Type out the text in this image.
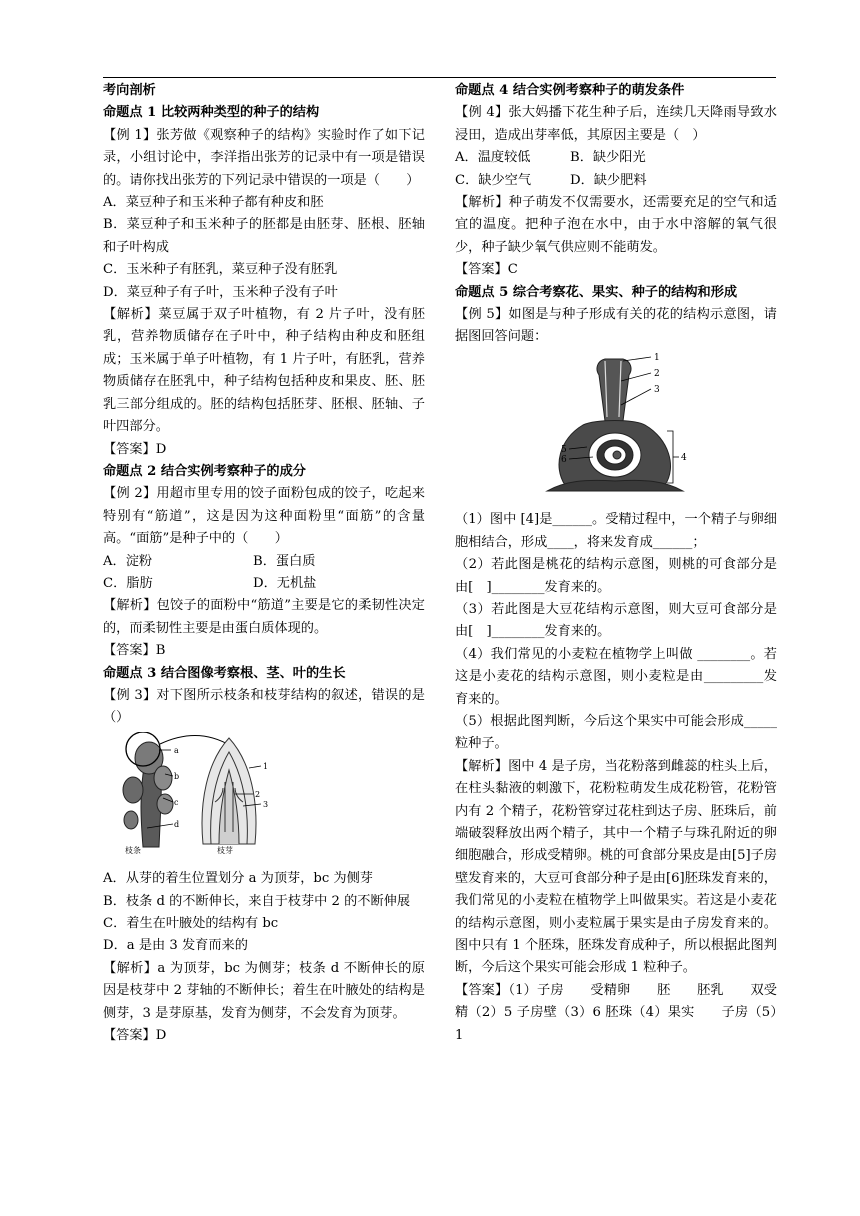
考向剖析

命题点 1 比较两种类型的种子的结构

【例 1】张芳做《观察种子的结构》实验时作了如下记录，小组讨论中，李洋指出张芳的记录中有一项是错误的。请你找出张芳的下列记录中错误的一项是（　　）

A．菜豆种子和玉米种子都有种皮和胚

B．菜豆种子和玉米种子的胚都是由胚芽、胚根、胚轴和子叶构成

C．玉米种子有胚乳，菜豆种子没有胚乳

D．菜豆种子有子叶，玉米种子没有子叶

【解析】菜豆属于双子叶植物，有 2 片子叶，没有胚乳，营养物质储存在子叶中，种子结构由种皮和胚组成；玉米属于单子叶植物，有 1 片子叶，有胚乳，营养物质储存在胚乳中，种子结构包括种皮和果皮、胚、胚乳三部分组成的。胚的结构包括胚芽、胚根、胚轴、子叶四部分。

【答案】D

命题点 2 结合实例考察种子的成分

【例 2】用超市里专用的饺子面粉包成的饺子，吃起来特别有“筋道”，这是因为这种面粉里“面筋”的含量高。“面筋”是种子中的（　　）

A．淀粉	B．蛋白质
C．脂肪	D．无机盐

【解析】包饺子的面粉中“筋道”主要是它的柔韧性决定的，而柔韧性主要是由蛋白质体现的。

【答案】B

命题点 3 结合图像考察根、茎、叶的生长

【例 3】对下图所示枝条和枝芽结构的叙述，错误的是（）

a
b
c
d
枝条
1
2
3
枝芽

A．从芽的着生位置划分 a 为顶芽，bc 为侧芽

B．枝条 d 的不断伸长，来自于枝芽中 2 的不断伸展

C．着生在叶腋处的结构有 bc

D．a 是由 3 发育而来的

【解析】a 为顶芽，bc 为侧芽；枝条 d 不断伸长的原因是枝芽中 2 芽轴的不断伸长；着生在叶腋处的结构是侧芽，3 是芽原基，发育为侧芽，不会发育为顶芽。

【答案】D

命题点 4 结合实例考察种子的萌发条件

【例 4】张大妈播下花生种子后，连续几天降雨导致水浸田，造成出芽率低，其原因主要是（　）

A．温度较低	B．缺少阳光
C．缺少空气	D．缺少肥料

【解析】种子萌发不仅需要水，还需要充足的空气和适宜的温度。把种子泡在水中，由于水中溶解的氧气很少，种子缺少氧气供应则不能萌发。

【答案】C

命题点 5 综合考察花、果实、种子的结构和形成

【例 5】如图是与种子形成有关的花的结构示意图，请据图回答问题：

1
2
3
4
5
6

（1）图中 [4]是______。受精过程中，一个精子与卵细胞相结合，形成____，将来发育成______；

（2）若此图是桃花的结构示意图，则桃的可食部分是由[　]________发育来的。

（3）若此图是大豆花结构示意图，则大豆可食部分是由[　]________发育来的。

（4）我们常见的小麦粒在植物学上叫做 ________。若这是小麦花的结构示意图，则小麦粒是由_________发育来的。

（5）根据此图判断，今后这个果实中可能会形成_____粒种子。

【解析】图中 4 是子房，当花粉落到雌蕊的柱头上后，在柱头黏液的刺激下，花粉粒萌发生成花粉管，花粉管内有 2 个精子，花粉管穿过花柱到达子房、胚珠后，前端破裂释放出两个精子，其中一个精子与珠孔附近的卵细胞融合，形成受精卵。桃的可食部分果皮是由[5]子房壁发育来的，大豆可食部分种子是由[6]胚珠发育来的，我们常见的小麦粒在植物学上叫做果实。若这是小麦花的结构示意图，则小麦粒属于果实是由子房发育来的。图中只有 1 个胚珠，胚珠发育成种子，所以根据此图判断，今后这个果实可能会形成 1 粒种子。

【答案】（1）子房　　受精卵　　胚　　胚乳　　双受精（2）5 子房壁（3）6 胚珠（4）果实　　子房（5）1
